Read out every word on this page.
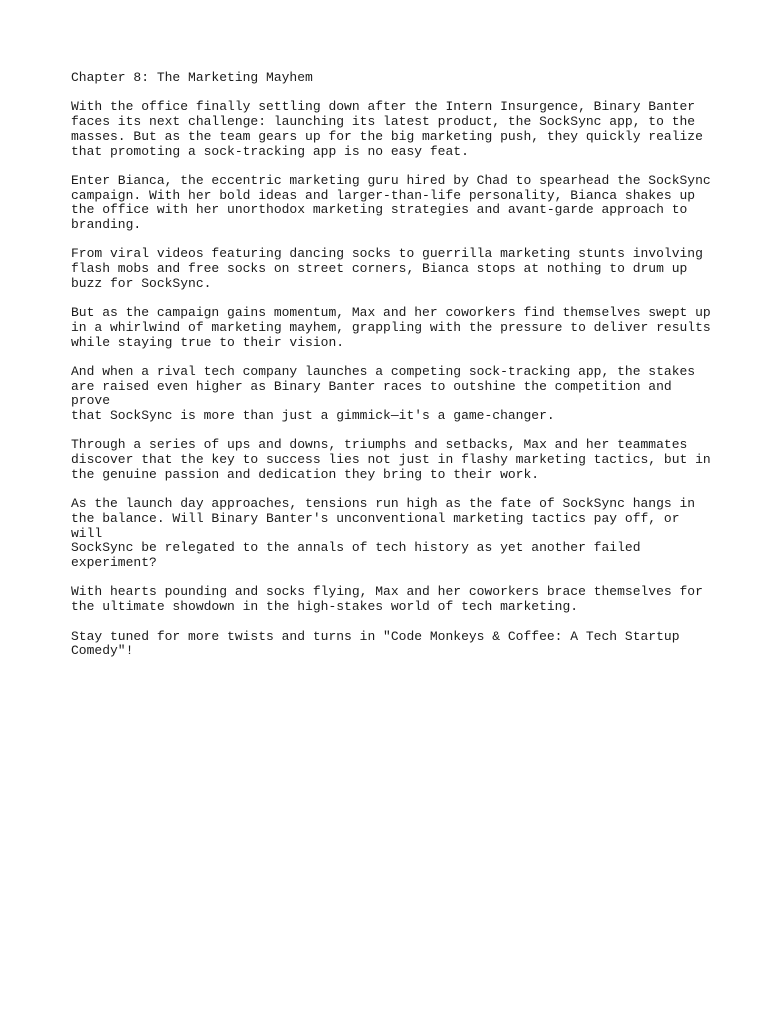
Chapter 8: The Marketing Mayhem

With the office finally settling down after the Intern Insurgence, Binary Banter
faces its next challenge: launching its latest product, the SockSync app, to the
masses. But as the team gears up for the big marketing push, they quickly realize
that promoting a sock-tracking app is no easy feat.

Enter Bianca, the eccentric marketing guru hired by Chad to spearhead the SockSync
campaign. With her bold ideas and larger-than-life personality, Bianca shakes up
the office with her unorthodox marketing strategies and avant-garde approach to
branding.

From viral videos featuring dancing socks to guerrilla marketing stunts involving
flash mobs and free socks on street corners, Bianca stops at nothing to drum up
buzz for SockSync.

But as the campaign gains momentum, Max and her coworkers find themselves swept up
in a whirlwind of marketing mayhem, grappling with the pressure to deliver results
while staying true to their vision.

And when a rival tech company launches a competing sock-tracking app, the stakes
are raised even higher as Binary Banter races to outshine the competition and prove
that SockSync is more than just a gimmick—it's a game-changer.

Through a series of ups and downs, triumphs and setbacks, Max and her teammates
discover that the key to success lies not just in flashy marketing tactics, but in
the genuine passion and dedication they bring to their work.

As the launch day approaches, tensions run high as the fate of SockSync hangs in
the balance. Will Binary Banter's unconventional marketing tactics pay off, or will
SockSync be relegated to the annals of tech history as yet another failed
experiment?

With hearts pounding and socks flying, Max and her coworkers brace themselves for
the ultimate showdown in the high-stakes world of tech marketing.

Stay tuned for more twists and turns in "Code Monkeys & Coffee: A Tech Startup
Comedy"!
